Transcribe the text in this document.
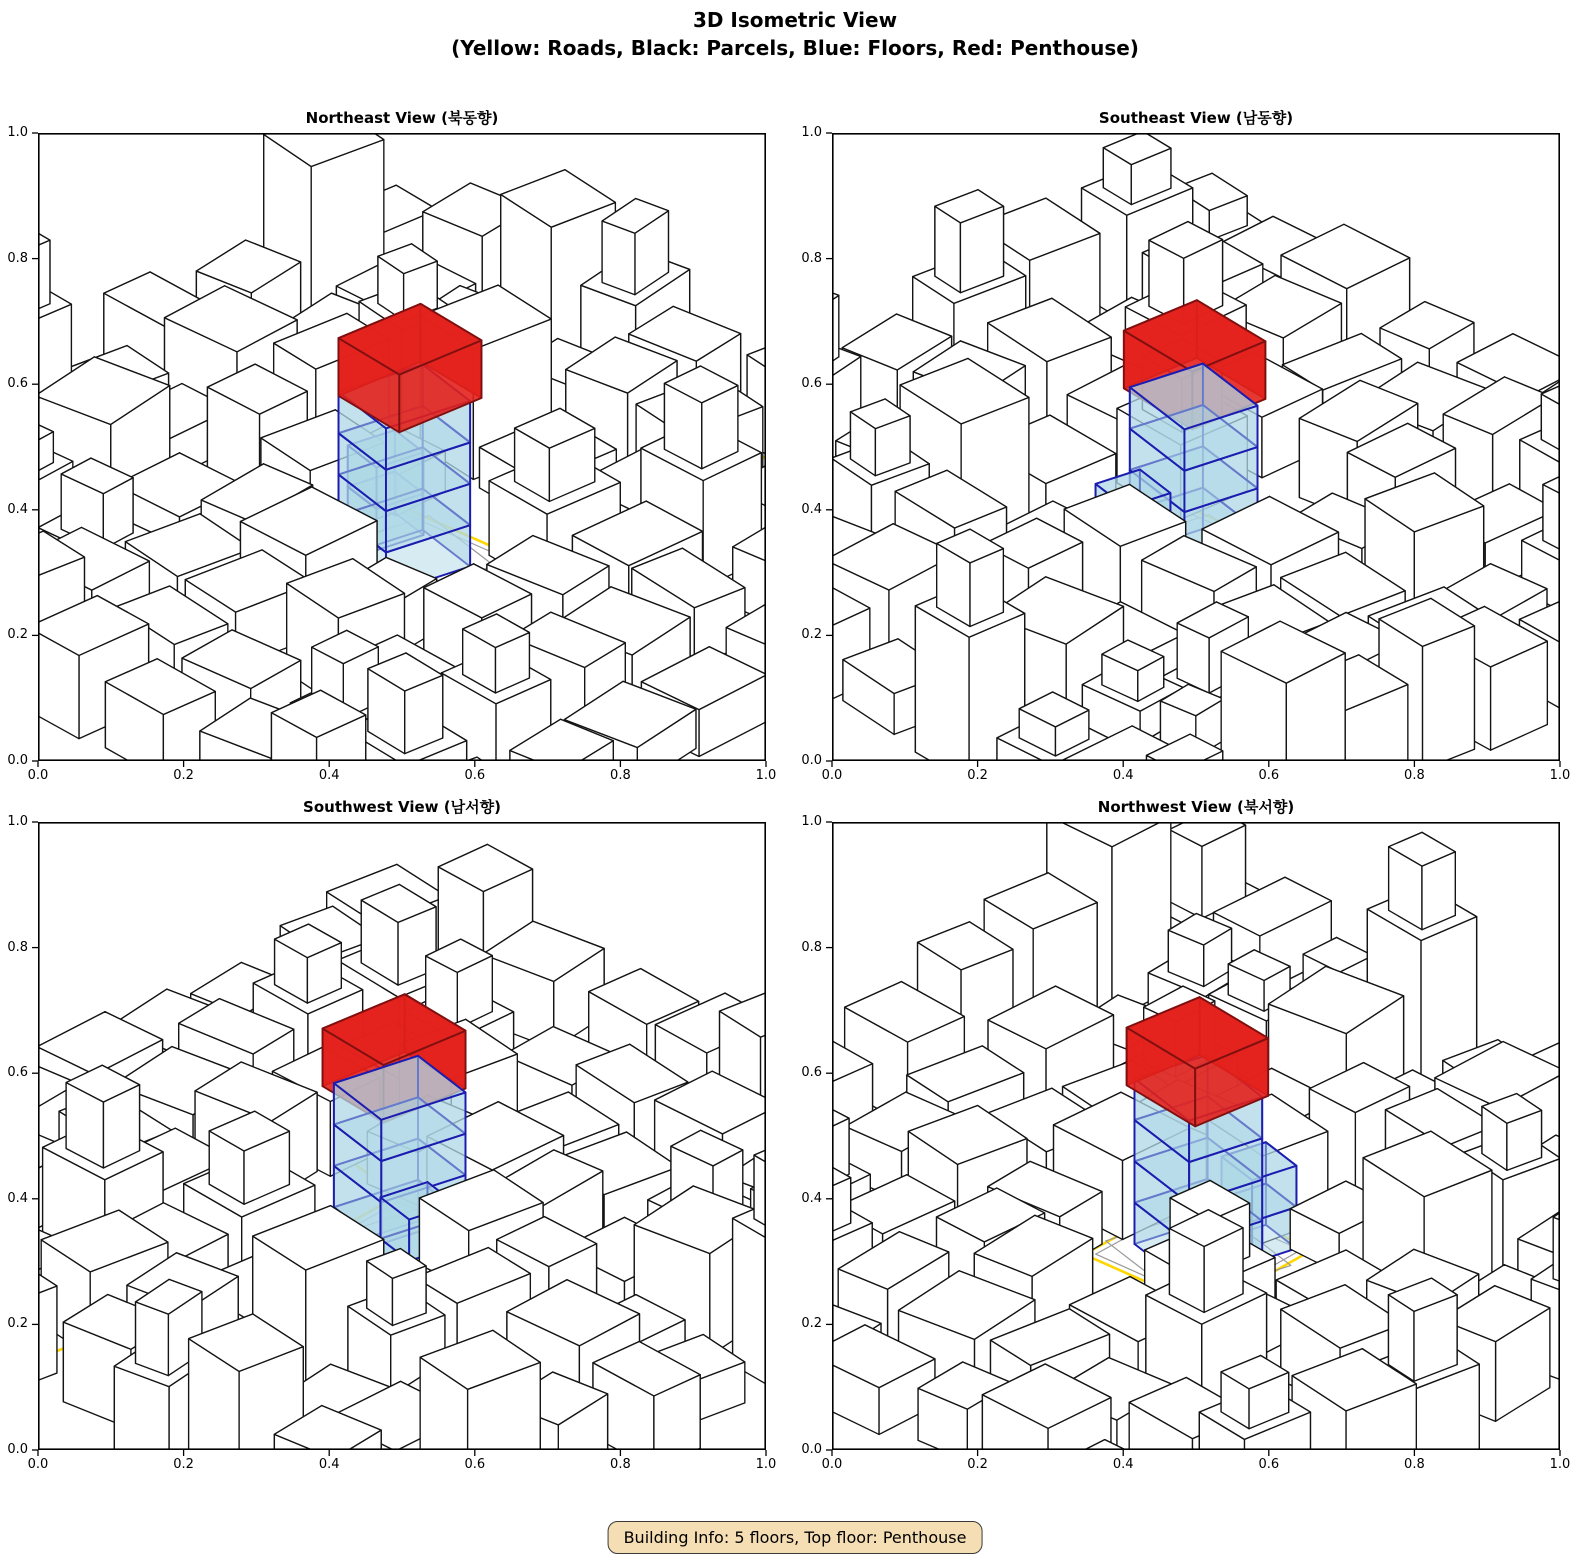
3D Isometric View
(Yellow: Roads, Black: Parcels, Blue: Floors, Red: Penthouse)
Northeast View (북동향)
0.0
0.2
0.4
0.6
0.8
1.0
0.0	0.2	0.4	0.6	0.8	1.0
Southeast View (남동향)
0.0
0.2
0.4
0.6
0.8
1.0
0.0	0.2	0.4	0.6	0.8	1.0
Southwest View (남서향)
0.0
0.2
0.4
0.6
0.8
1.0
0.0	0.2	0.4	0.6	0.8	1.0
Northwest View (북서향)
0.0
0.2
0.4
0.6
0.8
1.0
0.0	0.2	0.4	0.6	0.8	1.0
Building Info: 5 floors, Top floor: Penthouse
